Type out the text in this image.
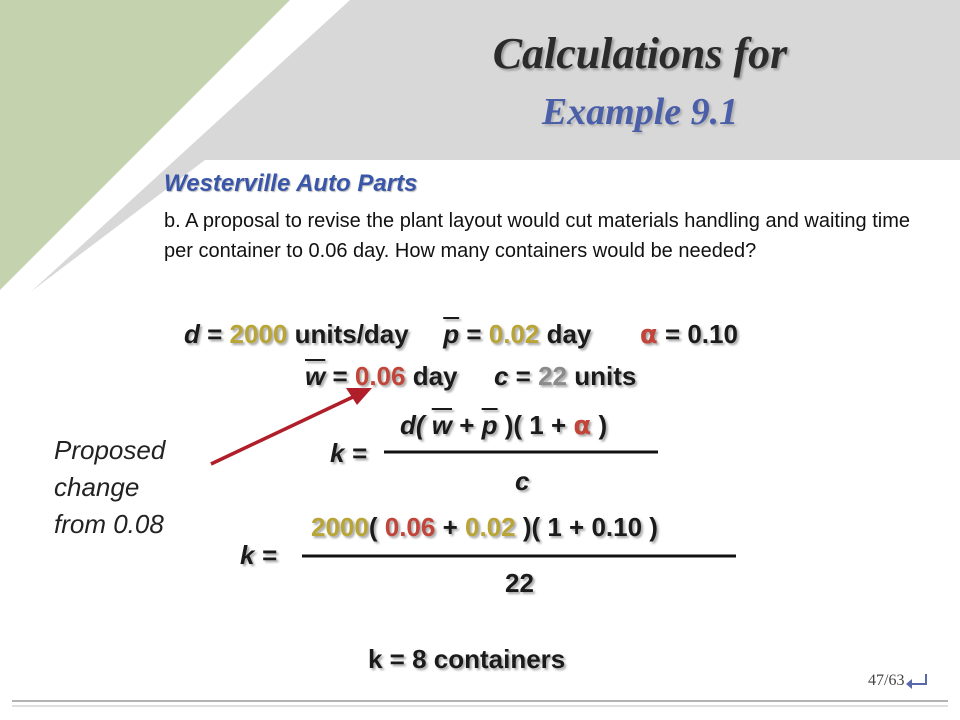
Calculations for
Example 9.1
Westerville Auto Parts
b. A proposal to revise the plant layout would cut materials handling and waiting time per container to 0.06 day. How many containers would be needed?
d = 2000 units/day $\overline{p} = 0.02$ day α = 0.10
$\overline{w} = 0.06$ day c = 22 units
k =
d( $\overline{w} + \overline{p}$ )( 1 + α )
c
k =
2000( 0.06 + 0.02 )( 1 + 0.10 )
22
k = 8 containers
Proposed
change
from 0.08
47/63
